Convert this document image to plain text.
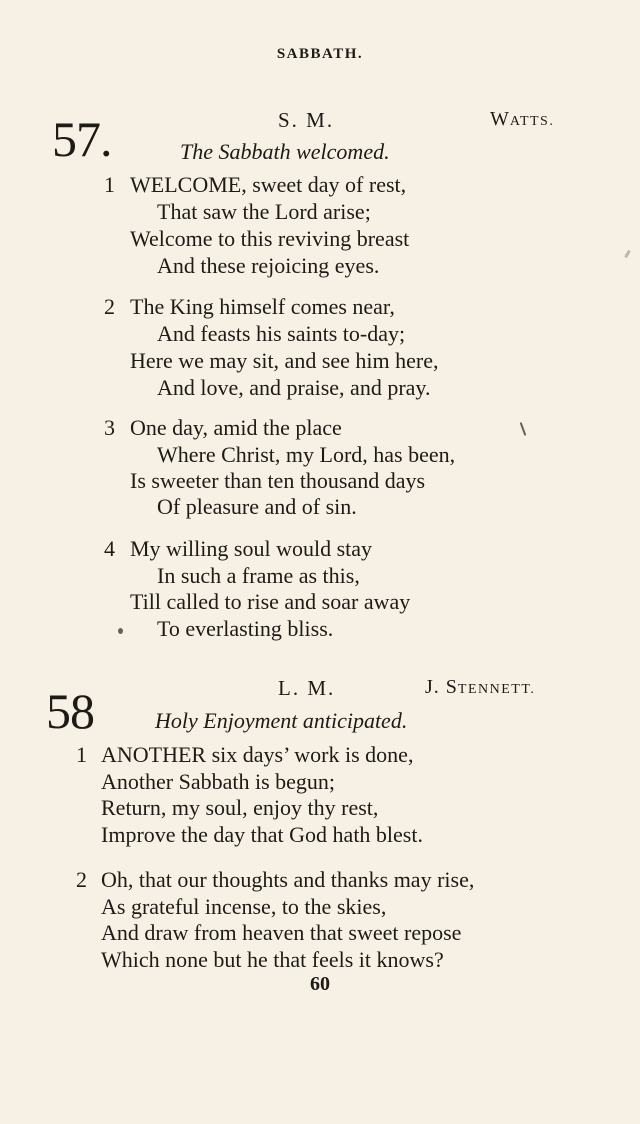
SABBATH.
57.	S. M.	WATTS.
The Sabbath welcomed.
1 WELCOME, sweet day of rest,
That saw the Lord arise;
Welcome to this reviving breast
And these rejoicing eyes.
2 The King himself comes near,
And feasts his saints to-day;
Here we may sit, and see him here,
And love, and praise, and pray.
3 One day, amid the place
Where Christ, my Lord, has been,
Is sweeter than ten thousand days
Of pleasure and of sin.
4 My willing soul would stay
In such a frame as this,
Till called to rise and soar away
To everlasting bliss.
58	L. M.	J. STENNETT.
Holy Enjoyment anticipated.
1 ANOTHER six days’ work is done,
Another Sabbath is begun;
Return, my soul, enjoy thy rest,
Improve the day that God hath blest.
2 Oh, that our thoughts and thanks may rise,
As grateful incense, to the skies,
And draw from heaven that sweet repose
Which none but he that feels it knows?
60
